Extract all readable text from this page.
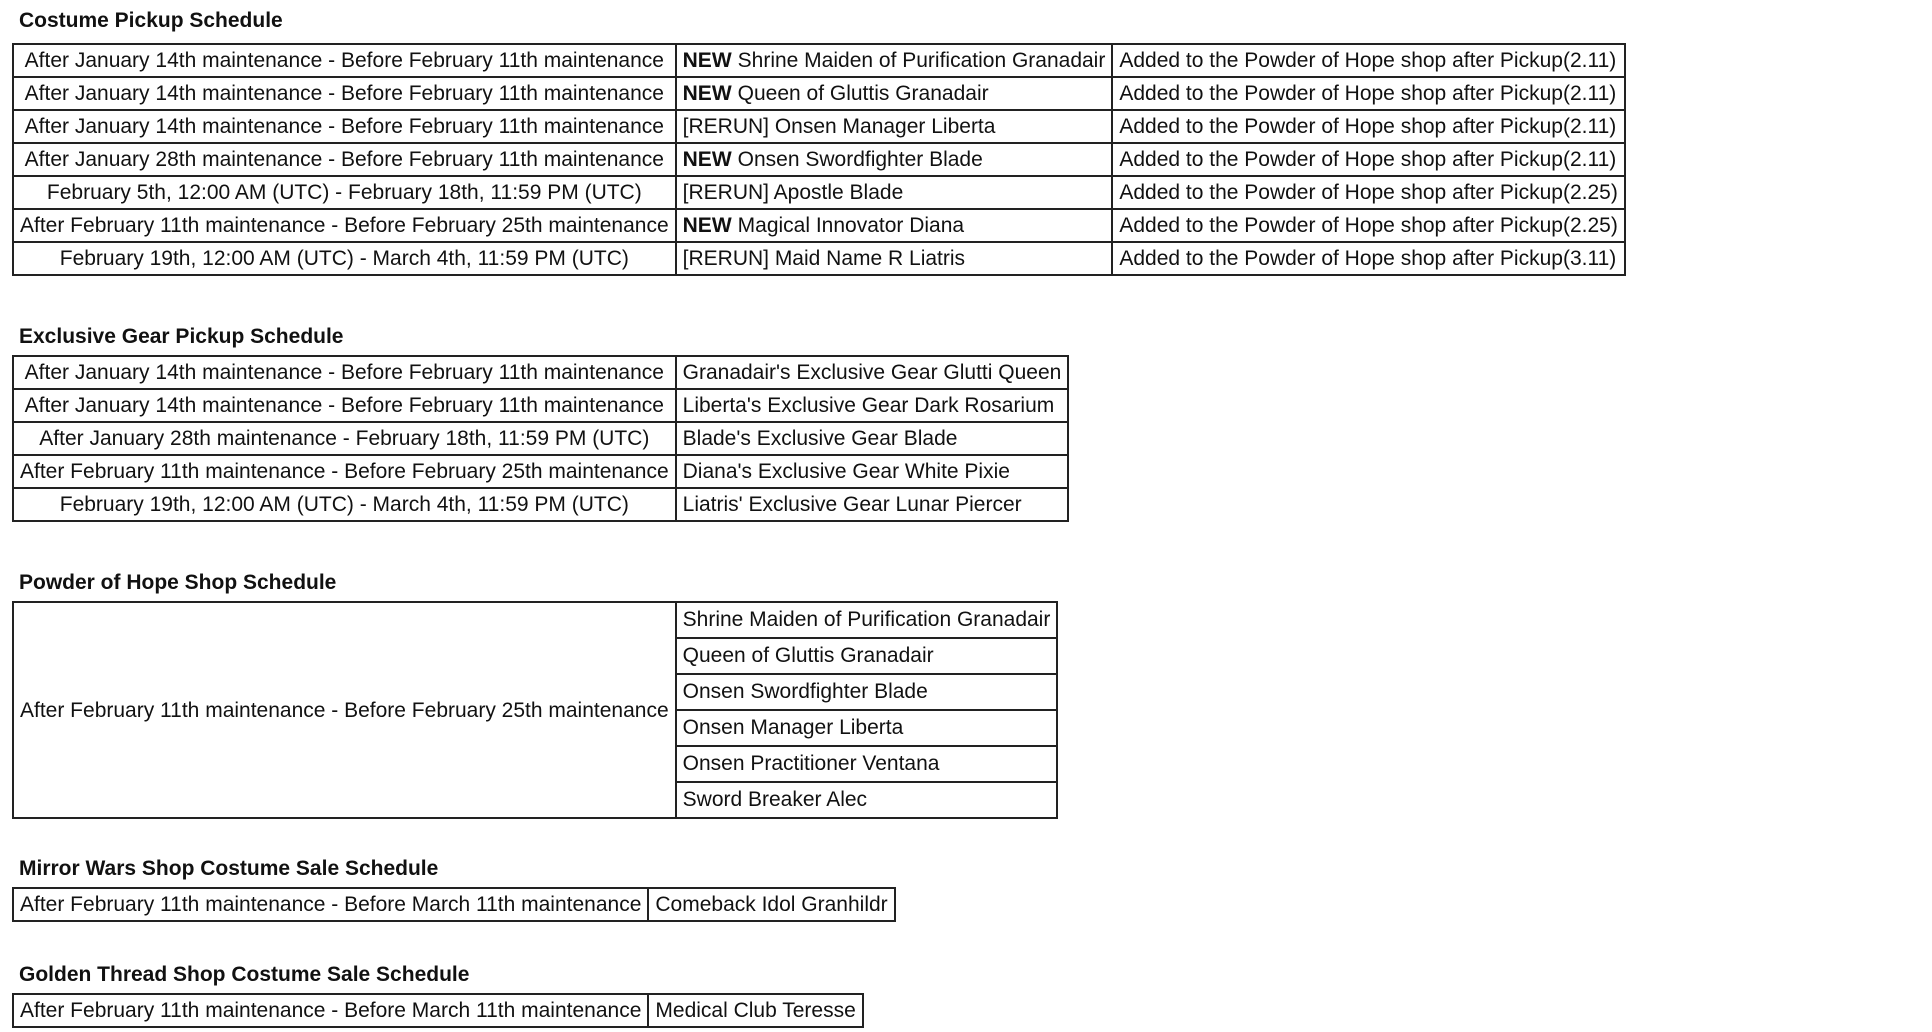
Costume Pickup Schedule
After January 14th maintenance - Before February 11th maintenance	NEW Shrine Maiden of Purification Granadair	Added to the Powder of Hope shop after Pickup(2.11)
After January 14th maintenance - Before February 11th maintenance	NEW Queen of Gluttis Granadair	Added to the Powder of Hope shop after Pickup(2.11)
After January 14th maintenance - Before February 11th maintenance	[RERUN] Onsen Manager Liberta	Added to the Powder of Hope shop after Pickup(2.11)
After January 28th maintenance - Before February 11th maintenance	NEW Onsen Swordfighter Blade	Added to the Powder of Hope shop after Pickup(2.11)
February 5th, 12:00 AM (UTC) - February 18th, 11:59 PM (UTC)	[RERUN] Apostle Blade	Added to the Powder of Hope shop after Pickup(2.25)
After February 11th maintenance - Before February 25th maintenance	NEW Magical Innovator Diana	Added to the Powder of Hope shop after Pickup(2.25)
February 19th, 12:00 AM (UTC) - March 4th, 11:59 PM (UTC)	[RERUN] Maid Name R Liatris	Added to the Powder of Hope shop after Pickup(3.11)
Exclusive Gear Pickup Schedule
After January 14th maintenance - Before February 11th maintenance	Granadair's Exclusive Gear Glutti Queen
After January 14th maintenance - Before February 11th maintenance	Liberta's Exclusive Gear Dark Rosarium
After January 28th maintenance - February 18th, 11:59 PM (UTC)	Blade's Exclusive Gear Blade
After February 11th maintenance - Before February 25th maintenance	Diana's Exclusive Gear White Pixie
February 19th, 12:00 AM (UTC) - March 4th, 11:59 PM (UTC)	Liatris' Exclusive Gear Lunar Piercer
Powder of Hope Shop Schedule
After February 11th maintenance - Before February 25th maintenance	Shrine Maiden of Purification Granadair
Queen of Gluttis Granadair
Onsen Swordfighter Blade
Onsen Manager Liberta
Onsen Practitioner Ventana
Sword Breaker Alec
Mirror Wars Shop Costume Sale Schedule
After February 11th maintenance - Before March 11th maintenance	Comeback Idol Granhildr
Golden Thread Shop Costume Sale Schedule
After February 11th maintenance - Before March 11th maintenance	Medical Club Teresse
